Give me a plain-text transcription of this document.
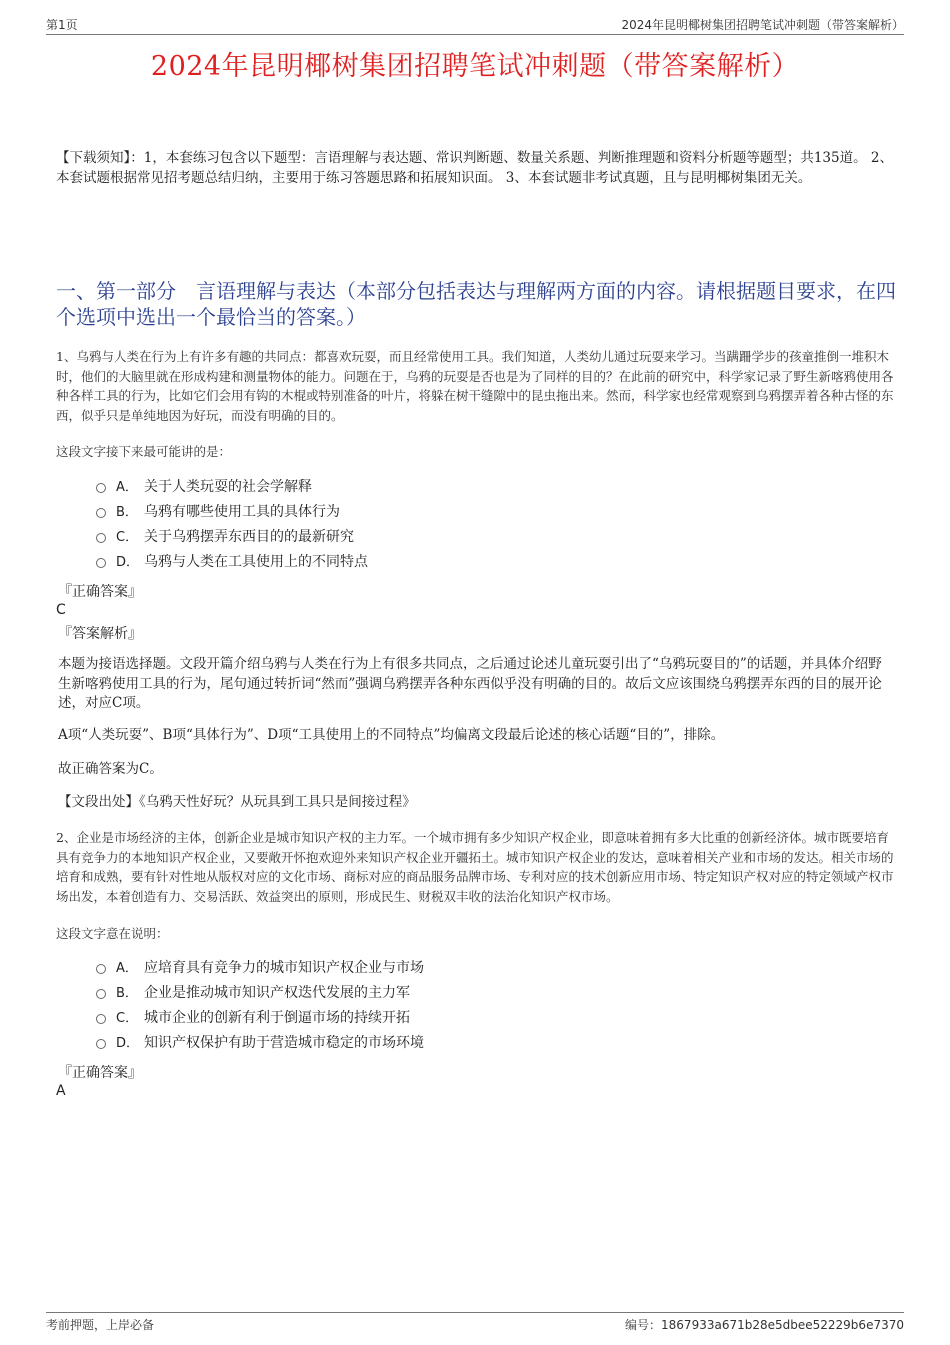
第1页	2024年昆明椰树集团招聘笔试冲刺题（带答案解析）
2024年昆明椰树集团招聘笔试冲刺题（带答案解析）
【下载须知】：1，本套练习包含以下题型：言语理解与表达题、常识判断题、数量关系题、判断推理题和资料分析题等题型；共135道。 2、本套试题根据常见招考题总结归纳，主要用于练习答题思路和拓展知识面。 3、本套试题非考试真题，且与昆明椰树集团无关。
一、第一部分　言语理解与表达（本部分包括表达与理解两方面的内容。请根据题目要求，在四个选项中选出一个最恰当的答案。）
1、乌鸦与人类在行为上有许多有趣的共同点：都喜欢玩耍，而且经常使用工具。我们知道，人类幼儿通过玩耍来学习。当蹒跚学步的孩童推倒一堆积木时，他们的大脑里就在形成构建和测量物体的能力。问题在于，乌鸦的玩耍是否也是为了同样的目的？在此前的研究中，科学家记录了野生新喀鸦使用各种各样工具的行为，比如它们会用有钩的木棍或特别准备的叶片，将躲在树干缝隙中的昆虫拖出来。然而，科学家也经常观察到乌鸦摆弄着各种古怪的东西，似乎只是单纯地因为好玩，而没有明确的目的。
这段文字接下来最可能讲的是：
A． 关于人类玩耍的社会学解释
B． 乌鸦有哪些使用工具的具体行为
C． 关于乌鸦摆弄东西目的的最新研究
D． 乌鸦与人类在工具使用上的不同特点
『正确答案』
C
『答案解析』
本题为接语选择题。文段开篇介绍乌鸦与人类在行为上有很多共同点，之后通过论述儿童玩耍引出了“乌鸦玩耍目的”的话题，并具体介绍野生新喀鸦使用工具的行为，尾句通过转折词“然而”强调乌鸦摆弄各种东西似乎没有明确的目的。故后文应该围绕乌鸦摆弄东西的目的展开论述，对应C项。
A项“人类玩耍”、B项“具体行为”、D项“工具使用上的不同特点”均偏离文段最后论述的核心话题“目的”，排除。
故正确答案为C。
【文段出处】《乌鸦天性好玩？从玩具到工具只是间接过程》
2、企业是市场经济的主体，创新企业是城市知识产权的主力军。一个城市拥有多少知识产权企业，即意味着拥有多大比重的创新经济体。城市既要培育具有竞争力的本地知识产权企业，又要敞开怀抱欢迎外来知识产权企业开疆拓土。城市知识产权企业的发达，意味着相关产业和市场的发达。相关市场的培育和成熟，要有针对性地从版权对应的文化市场、商标对应的商品服务品牌市场、专利对应的技术创新应用市场、特定知识产权对应的特定领域产权市场出发，本着创造有力、交易活跃、效益突出的原则，形成民生、财税双丰收的法治化知识产权市场。
这段文字意在说明：
A． 应培育具有竞争力的城市知识产权企业与市场
B． 企业是推动城市知识产权迭代发展的主力军
C． 城市企业的创新有利于倒逼市场的持续开拓
D． 知识产权保护有助于营造城市稳定的市场环境
『正确答案』
A
考前押题，上岸必备	编号：1867933a671b28e5dbee52229b6e7370
